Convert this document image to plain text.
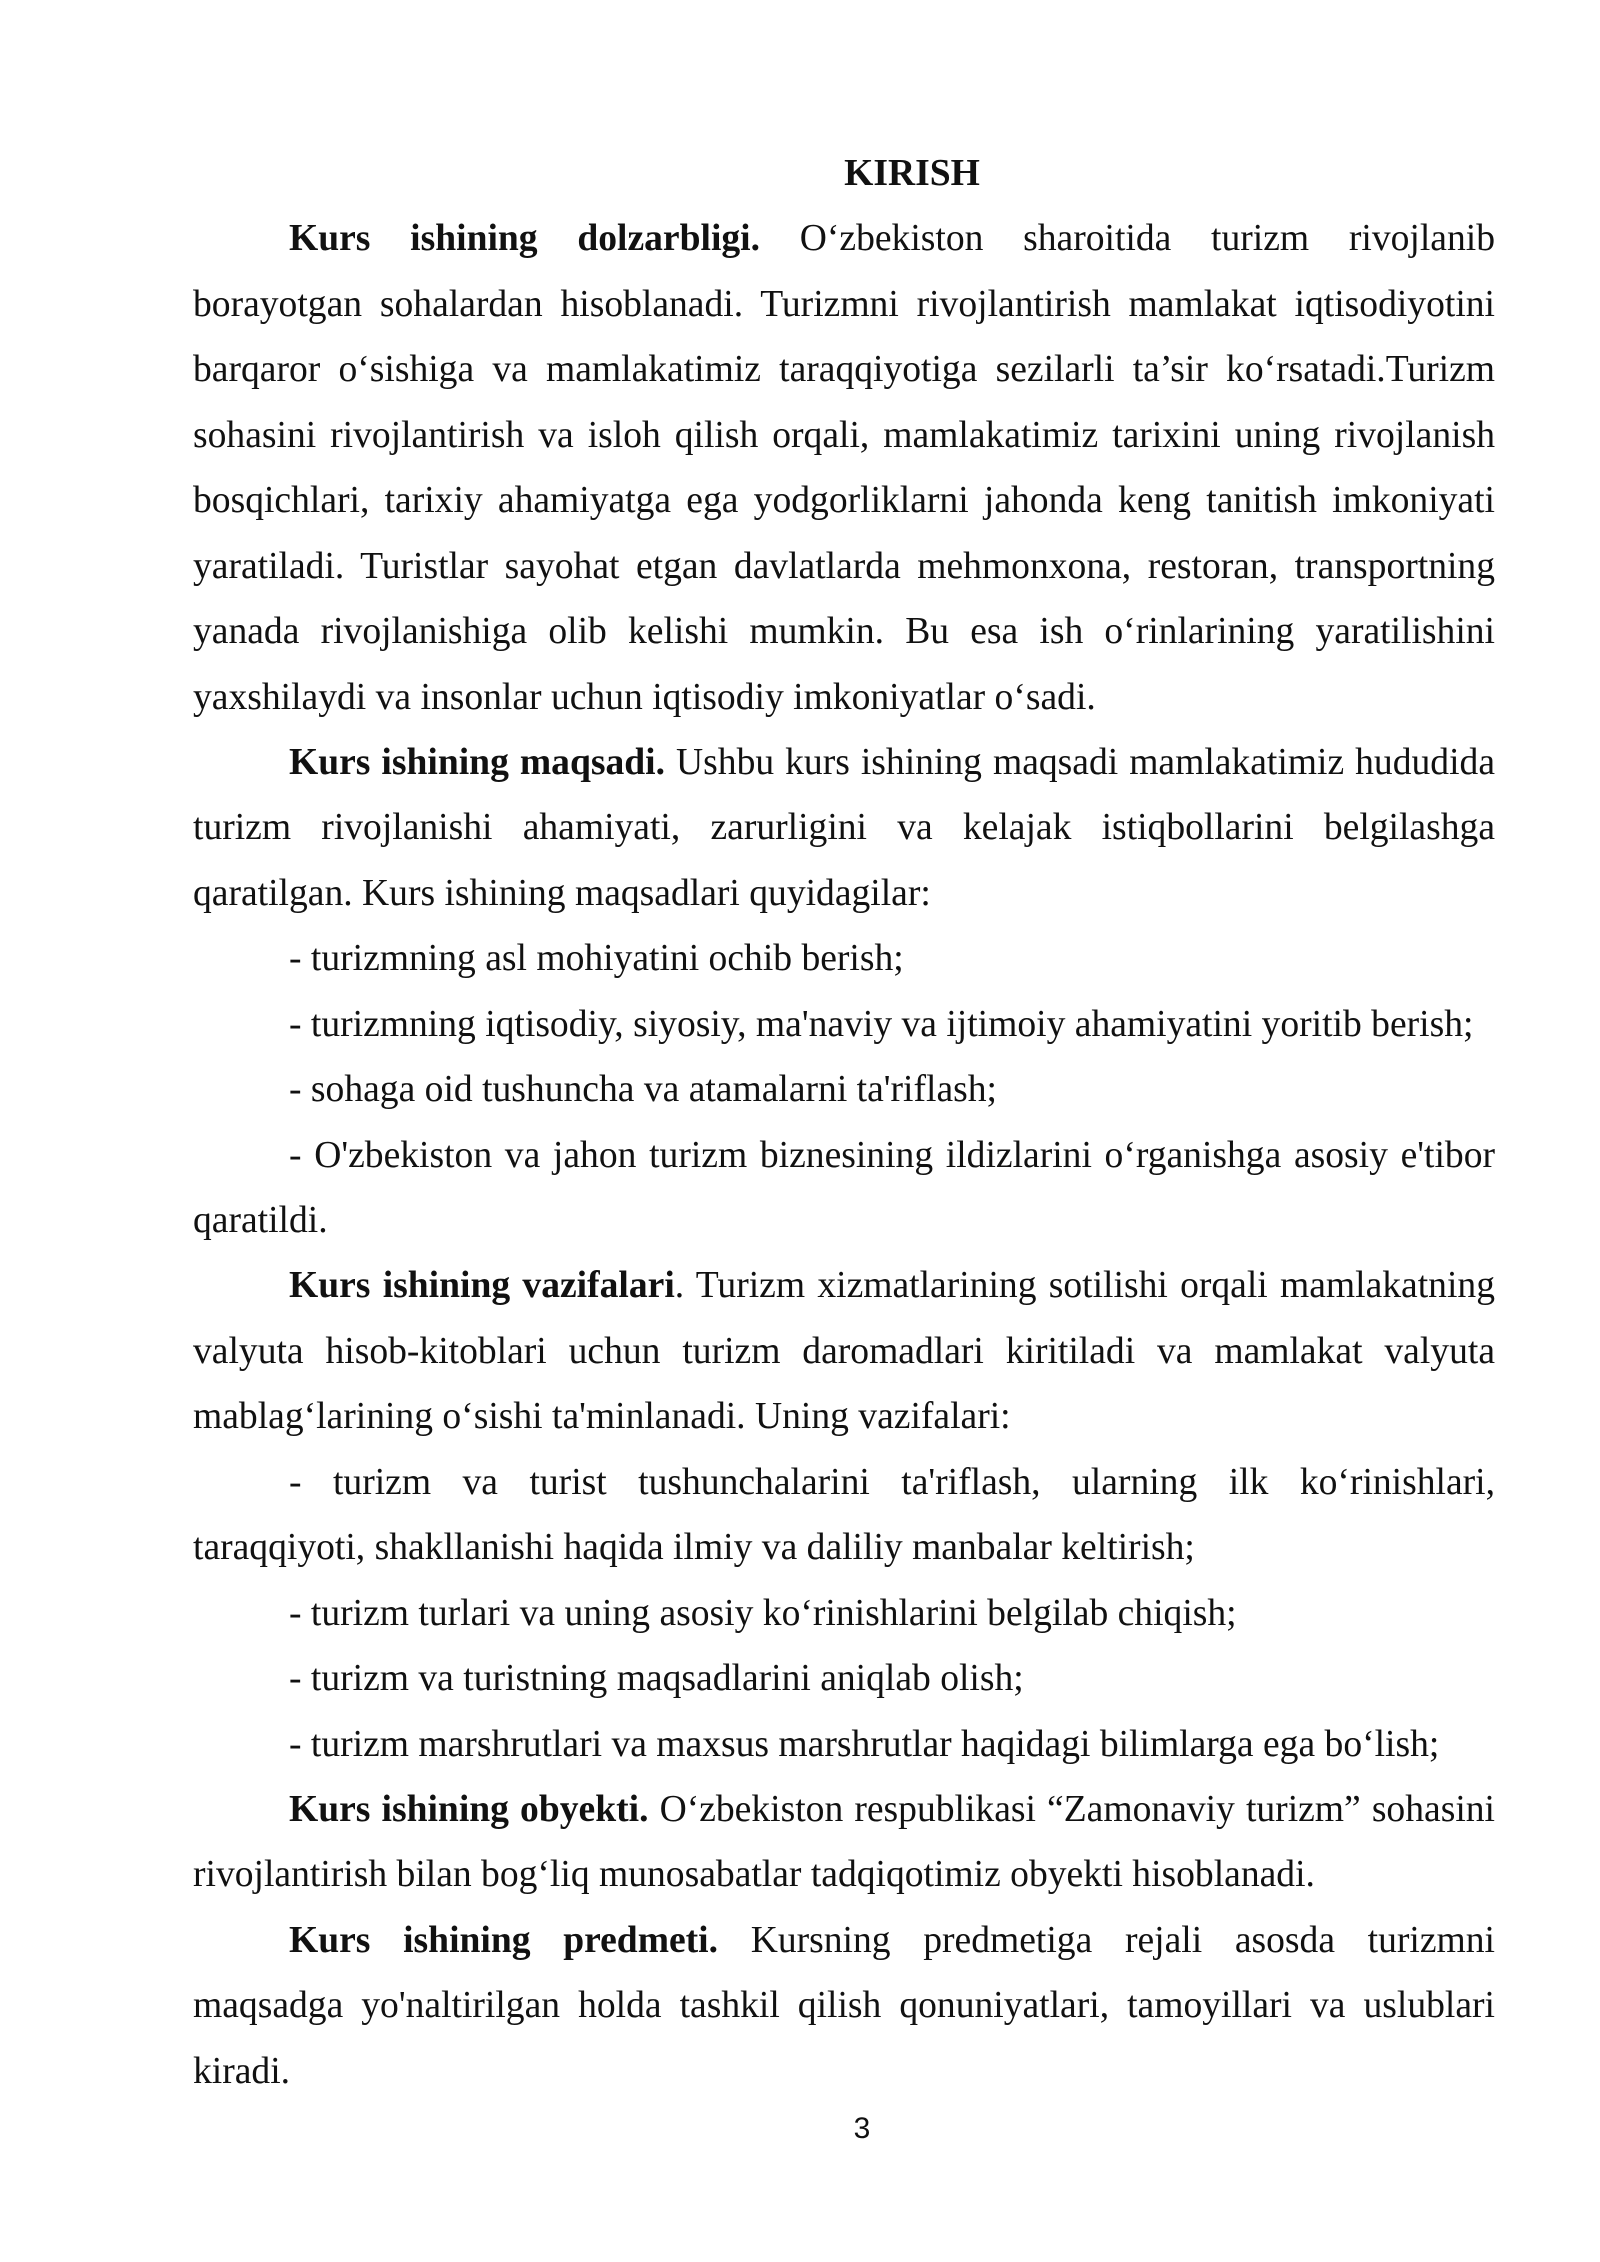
KIRISH
Kurs ishining dolzarbligi. O‘zbekiston sharoitida turizm rivojlanib
borayotgan sohalardan hisoblanadi. Turizmni rivojlantirish mamlakat iqtisodiyotini
barqaror o‘sishiga va mamlakatimiz taraqqiyotiga sezilarli ta’sir ko‘rsatadi.Turizm
sohasini rivojlantirish va isloh qilish orqali, mamlakatimiz tarixini uning rivojlanish
bosqichlari, tarixiy ahamiyatga ega yodgorliklarni jahonda keng tanitish imkoniyati
yaratiladi. Turistlar sayohat etgan davlatlarda mehmonxona, restoran, transportning
yanada rivojlanishiga olib kelishi mumkin. Bu esa ish o‘rinlarining yaratilishini
yaxshilaydi va insonlar uchun iqtisodiy imkoniyatlar o‘sadi.
Kurs ishining maqsadi. Ushbu kurs ishining maqsadi mamlakatimiz hududida
turizm rivojlanishi ahamiyati, zarurligini va kelajak istiqbollarini belgilashga
qaratilgan. Kurs ishining maqsadlari quyidagilar:
- turizmning asl mohiyatini ochib berish;
- turizmning iqtisodiy, siyosiy, ma'naviy va ijtimoiy ahamiyatini yoritib berish;
- sohaga oid tushuncha va atamalarni ta'riflash;
- O'zbekiston va jahon turizm biznesining ildizlarini o‘rganishga asosiy e'tibor
qaratildi.
Kurs ishining vazifalari. Turizm xizmatlarining sotilishi orqali mamlakatning
valyuta hisob-kitoblari uchun turizm daromadlari kiritiladi va mamlakat valyuta
mablag‘larining o‘sishi ta'minlanadi. Uning vazifalari:
- turizm va turist tushunchalarini ta'riflash, ularning ilk ko‘rinishlari,
taraqqiyoti, shakllanishi haqida ilmiy va daliliy manbalar keltirish;
- turizm turlari va uning asosiy ko‘rinishlarini belgilab chiqish;
- turizm va turistning maqsadlarini aniqlab olish;
- turizm marshrutlari va maxsus marshrutlar haqidagi bilimlarga ega bo‘lish;
Kurs ishining obyekti. O‘zbekiston respublikasi “Zamonaviy turizm” sohasini
rivojlantirish bilan bog‘liq munosabatlar tadqiqotimiz obyekti hisoblanadi.
Kurs ishining predmeti. Kursning predmetiga rejali asosda turizmni
maqsadga yo'naltirilgan holda tashkil qilish qonuniyatlari, tamoyillari va uslublari
kiradi.
3
